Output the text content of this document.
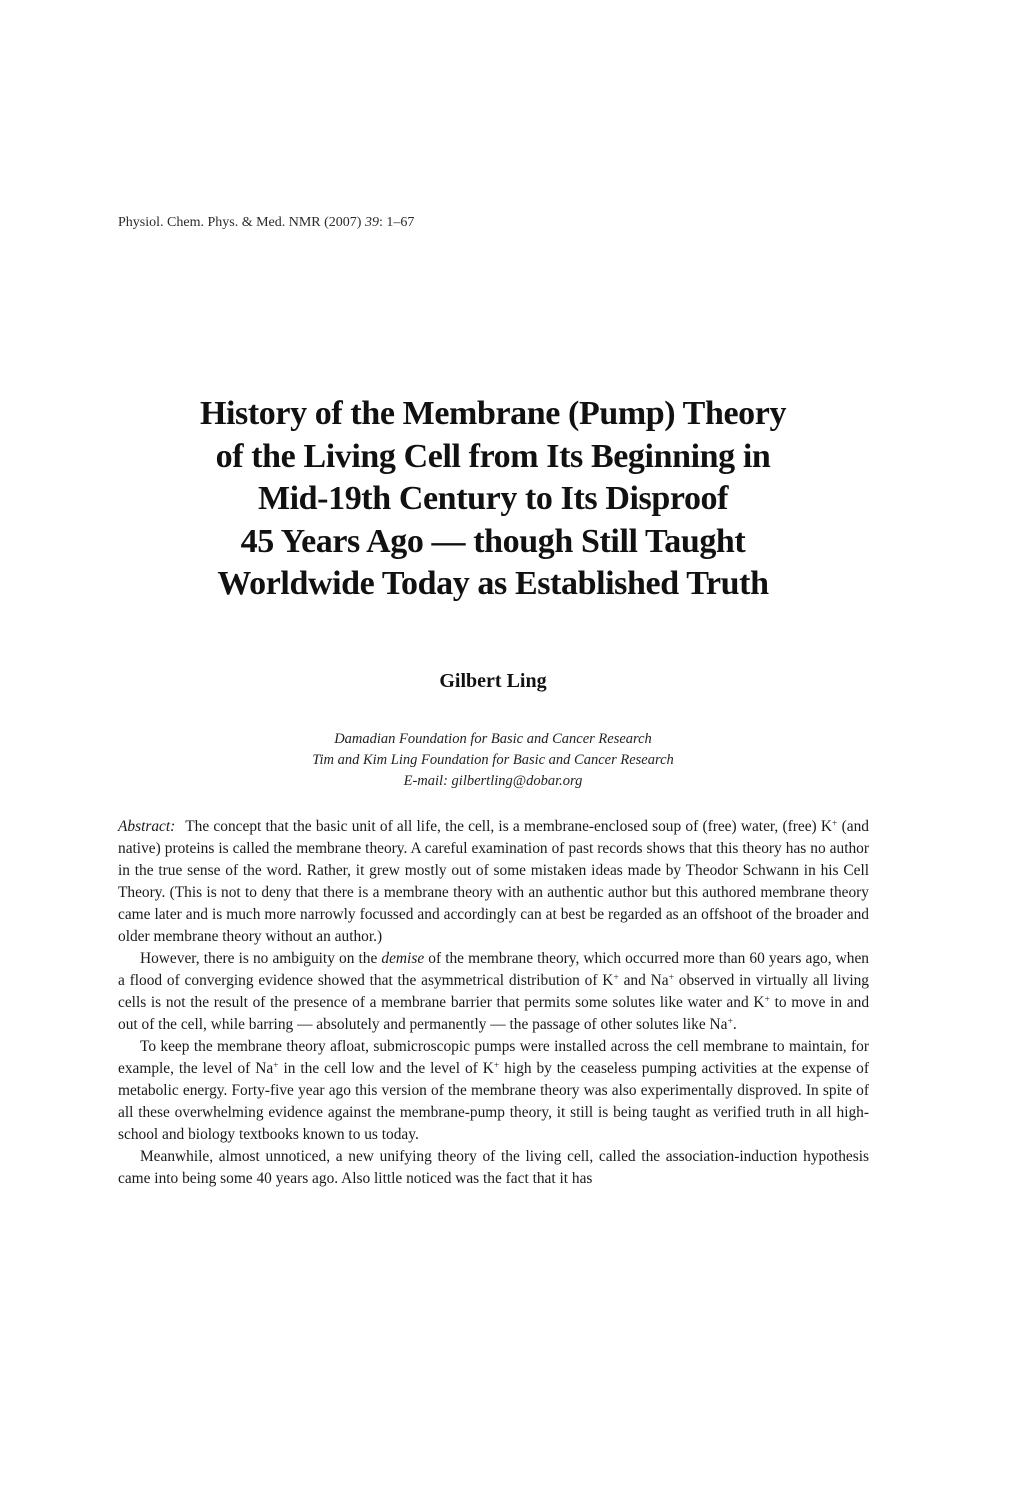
Physiol. Chem. Phys. & Med. NMR (2007) 39: 1–67
History of the Membrane (Pump) Theory
of the Living Cell from Its Beginning in
Mid-19th Century to Its Disproof
45 Years Ago — though Still Taught
Worldwide Today as Established Truth
Gilbert Ling
Damadian Foundation for Basic and Cancer Research
Tim and Kim Ling Foundation for Basic and Cancer Research
E-mail: gilbertling@dobar.org

Abstract: The concept that the basic unit of all life, the cell, is a membrane-enclosed soup of (free) water, (free) K+ (and native) proteins is called the membrane theory. A careful examination of past records shows that this theory has no author in the true sense of the word. Rather, it grew mostly out of some mistaken ideas made by Theodor Schwann in his Cell Theory. (This is not to deny that there is a membrane theory with an authentic author but this authored membrane theory came later and is much more narrowly focussed and accordingly can at best be regarded as an offshoot of the broader and older membrane theory without an author.)

However, there is no ambiguity on the demise of the membrane theory, which occurred more than 60 years ago, when a flood of converging evidence showed that the asymmetrical distribution of K+ and Na+ observed in virtually all living cells is not the result of the presence of a membrane barrier that permits some solutes like water and K+ to move in and out of the cell, while barring — absolutely and permanently — the passage of other solutes like Na+.

To keep the membrane theory afloat, submicroscopic pumps were installed across the cell membrane to maintain, for example, the level of Na+ in the cell low and the level of K+ high by the ceaseless pumping activities at the expense of metabolic energy. Forty-five year ago this version of the membrane theory was also experimentally disproved. In spite of all these overwhelming evidence against the membrane-pump theory, it still is being taught as verified truth in all high-school and biology textbooks known to us today.

Meanwhile, almost unnoticed, a new unifying theory of the living cell, called the association-induction hypothesis came into being some 40 years ago. Also little noticed was the fact that it has
